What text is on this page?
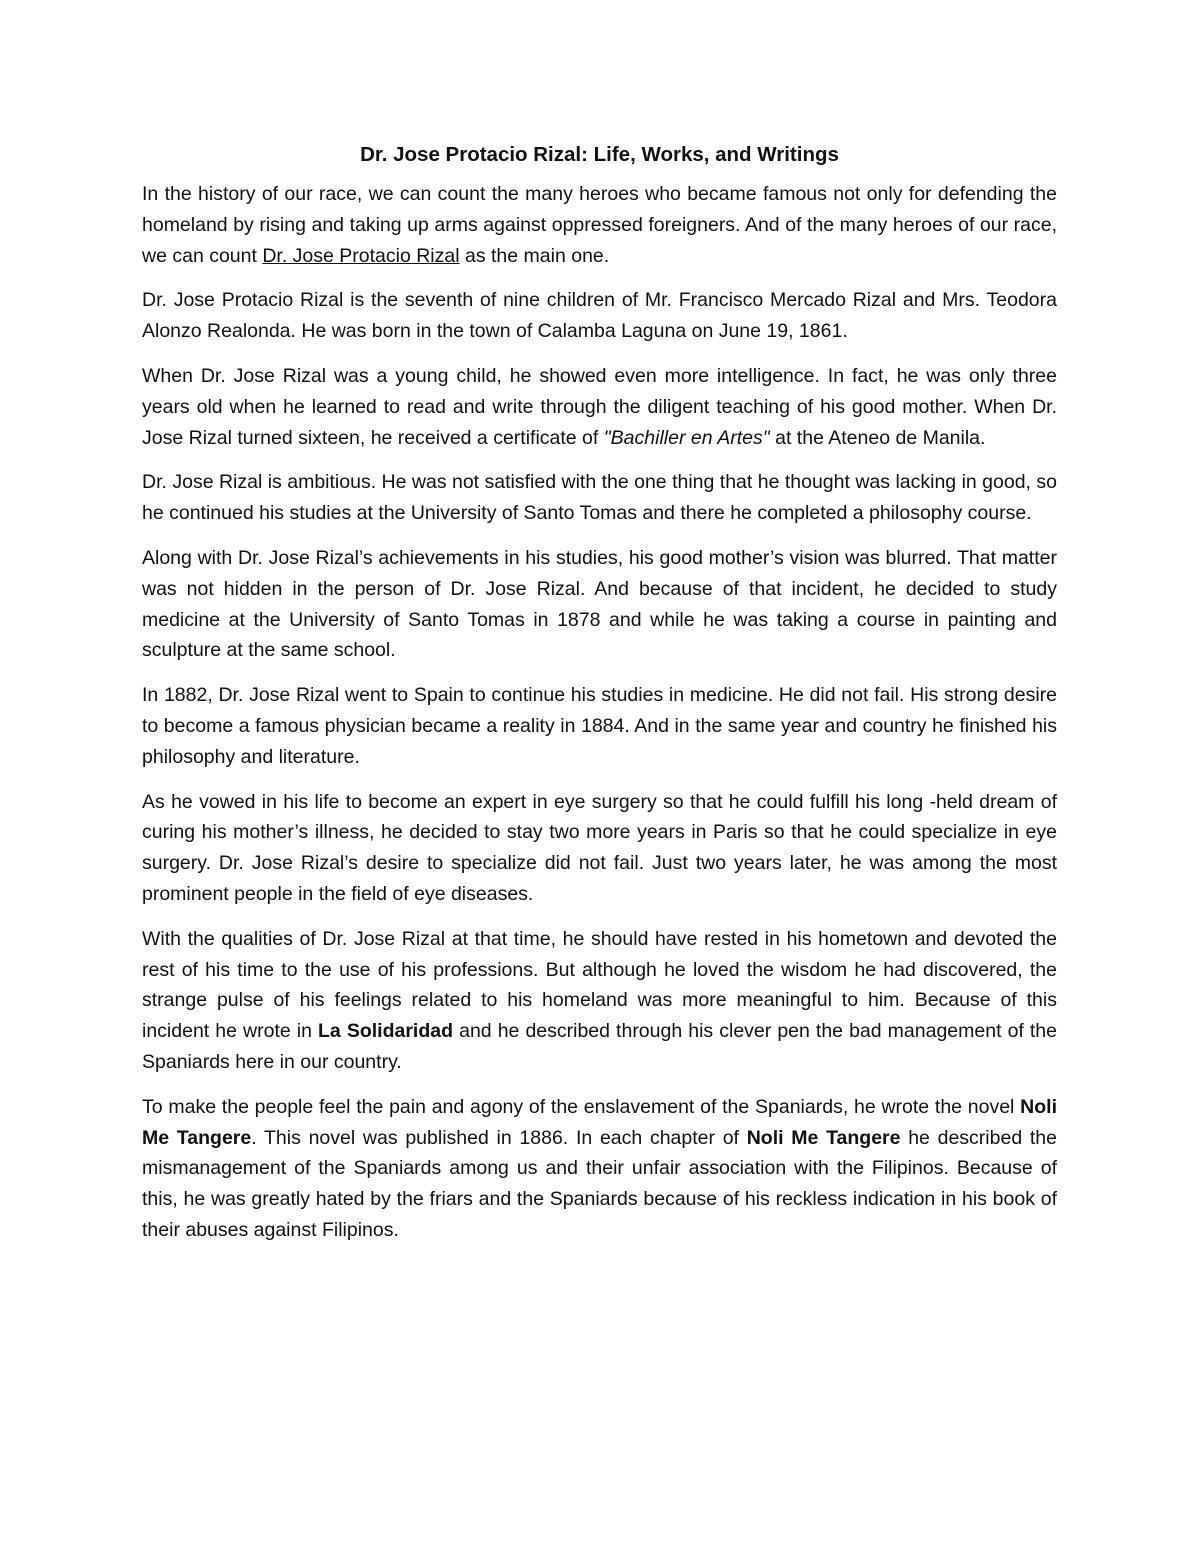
Dr. Jose Protacio Rizal: Life, Works, and Writings

In the history of our race, we can count the many heroes who became famous not only for defending the homeland by rising and taking up arms against oppressed foreigners. And of the many heroes of our race, we can count Dr. Jose Protacio Rizal as the main one.

Dr. Jose Protacio Rizal is the seventh of nine children of Mr. Francisco Mercado Rizal and Mrs. Teodora Alonzo Realonda. He was born in the town of Calamba Laguna on June 19, 1861.

When Dr. Jose Rizal was a young child, he showed even more intelligence. In fact, he was only three years old when he learned to read and write through the diligent teaching of his good mother. When Dr. Jose Rizal turned sixteen, he received a certificate of "Bachiller en Artes" at the Ateneo de Manila.

Dr. Jose Rizal is ambitious. He was not satisfied with the one thing that he thought was lacking in good, so he continued his studies at the University of Santo Tomas and there he completed a philosophy course.

Along with Dr. Jose Rizal’s achievements in his studies, his good mother’s vision was blurred. That matter was not hidden in the person of Dr. Jose Rizal. And because of that incident, he decided to study medicine at the University of Santo Tomas in 1878 and while he was taking a course in painting and sculpture at the same school.

In 1882, Dr. Jose Rizal went to Spain to continue his studies in medicine. He did not fail. His strong desire to become a famous physician became a reality in 1884. And in the same year and country he finished his philosophy and literature.

As he vowed in his life to become an expert in eye surgery so that he could fulfill his long -held dream of curing his mother’s illness, he decided to stay two more years in Paris so that he could specialize in eye surgery. Dr. Jose Rizal’s desire to specialize did not fail. Just two years later, he was among the most prominent people in the field of eye diseases.

With the qualities of Dr. Jose Rizal at that time, he should have rested in his hometown and devoted the rest of his time to the use of his professions. But although he loved the wisdom he had discovered, the strange pulse of his feelings related to his homeland was more meaningful to him. Because of this incident he wrote in La Solidaridad and he described through his clever pen the bad management of the Spaniards here in our country.

To make the people feel the pain and agony of the enslavement of the Spaniards, he wrote the novel Noli Me Tangere. This novel was published in 1886. In each chapter of Noli Me Tangere he described the mismanagement of the Spaniards among us and their unfair association with the Filipinos. Because of this, he was greatly hated by the friars and the Spaniards because of his reckless indication in his book of their abuses against Filipinos.
